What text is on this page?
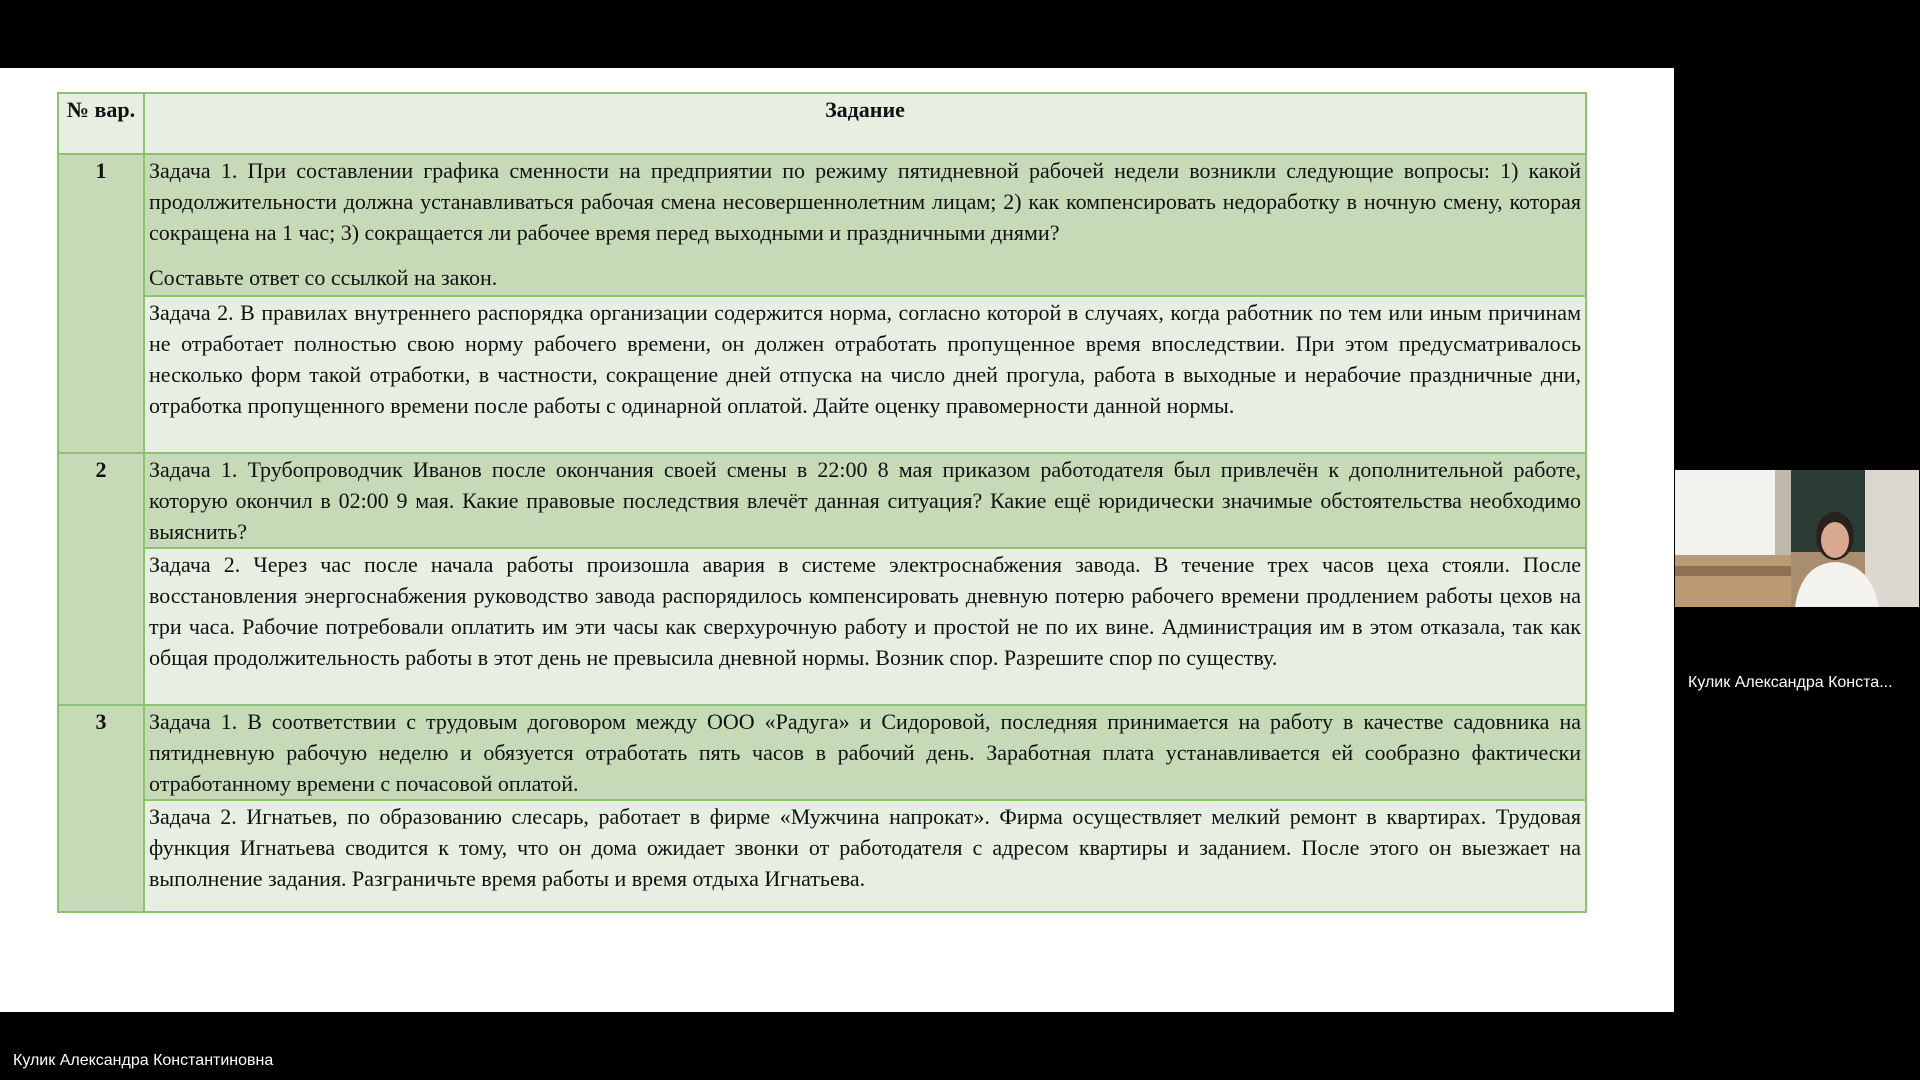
№ вар.	Задание
1	Задача 1. При составлении графика сменности на предприятии по режиму пятидневной рабочей недели возникли следующие вопросы: 1) какой продолжительности должна устанавливаться рабочая смена несовершеннолетним лицам; 2) как компенсировать недоработку в ночную смену, которая сокращена на 1 час; 3) сокращается ли рабочее время перед выходными и праздничными днями?
Составьте ответ со ссылкой на закон.

	Задача 2. В правилах внутреннего распорядка организации содержится норма, согласно которой в случаях, когда работник по тем или иным причинам не отработает полностью свою норму рабочего времени, он должен отработать пропущенное время впоследствии. При этом предусматривалось несколько форм такой отработки, в частности, сокращение дней отпуска на число дней прогула, работа в выходные и нерабочие праздничные дни, отработка пропущенного времени после работы с одинарной оплатой. Дайте оценку правомерности данной нормы.
2	Задача 1. Трубопроводчик Иванов после окончания своей смены в 22:00 8 мая приказом работодателя был привлечён к дополнительной работе, которую окончил в 02:00 9 мая. Какие правовые последствия влечёт данная ситуация? Какие ещё юридически значимые обстоятельства необходимо выяснить?
	Задача 2. Через час после начала работы произошла авария в системе электроснабжения завода. В течение трех часов цеха стояли. После восстановления энергоснабжения руководство завода распорядилось компенсировать дневную потерю рабочего времени продлением работы цехов на три часа. Рабочие потребовали оплатить им эти часы как сверхурочную работу и простой не по их вине. Администрация им в этом отказала, так как общая продолжительность работы в этот день не превысила дневной нормы. Возник спор. Разрешите спор по существу.
3	Задача 1. В соответствии с трудовым договором между ООО «Радуга» и Сидоровой, последняя принимается на работу в качестве садовника на пятидневную рабочую неделю и обязуется отработать пять часов в рабочий день. Заработная плата устанавливается ей сообразно фактически отработанному времени с почасовой оплатой.
	Задача 2. Игнатьев, по образованию слесарь, работает в фирме «Мужчина напрокат». Фирма осуществляет мелкий ремонт в квартирах. Трудовая функция Игнатьева сводится к тому, что он дома ожидает звонки от работодателя с адресом квартиры и заданием. После этого он выезжает на выполнение задания. Разграничьте время работы и время отдыха Игнатьева.
Кулик Александра Конста...
Кулик Александра Константиновна
